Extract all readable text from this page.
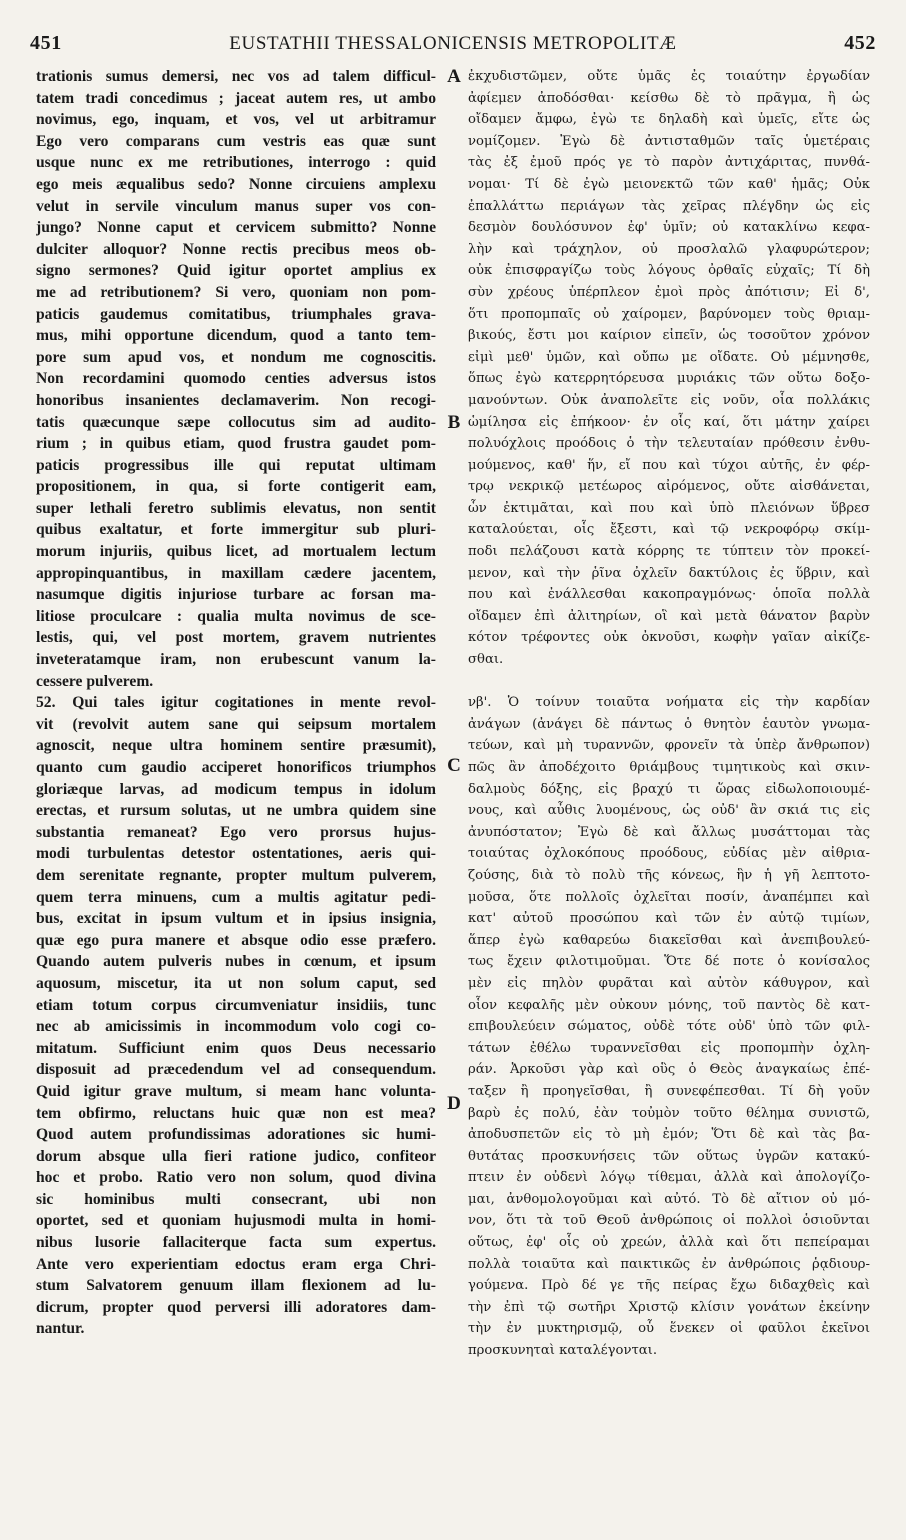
451	EUSTATHII THESSALONICENSIS METROPOLITÆ	452
trationis sumus demersi, nec vos ad talem difficul-
tatem tradi concedimus ; jaceat autem res, ut ambo
novimus, ego, inquam, et vos, vel ut arbitramur
Ego vero comparans cum vestris eas quæ sunt
usque nunc ex me retributiones, interrogo : quid
ego meis æqualibus sedo? Nonne circuiens amplexu
velut in servile vinculum manus super vos con-
jungo? Nonne caput et cervicem submitto? Nonne
dulciter alloquor? Nonne rectis precibus meos ob-
signo sermones? Quid igitur oportet amplius ex
me ad retributionem? Si vero, quoniam non pom-
paticis gaudemus comitatibus, triumphales grava-
mus, mihi opportune dicendum, quod a tanto tem-
pore sum apud vos, et nondum me cognoscitis.
Non recordamini quomodo centies adversus istos
honoribus insanientes declamaverim. Non recogi-
tatis quæcunque sæpe collocutus sim ad audito-
rium ; in quibus etiam, quod frustra gaudet pom-
paticis progressibus ille qui reputat ultimam
propositionem, in qua, si forte contigerit eam,
super lethali feretro sublimis elevatus, non sentit
quibus exaltatur, et forte immergitur sub pluri-
morum injuriis, quibus licet, ad mortualem lectum
appropinquantibus, in maxillam cædere jacentem,
nasumque digitis injuriose turbare ac forsan ma-
litiose proculcare : qualia multa novimus de sce-
lestis, qui, vel post mortem, gravem nutrientes
inveteratamque iram, non erubescunt vanum la-
cessere pulverem.
52. Qui tales igitur cogitationes in mente revol-
vit (revolvit autem sane qui seipsum mortalem
agnoscit, neque ultra hominem sentire præsumit),
quanto cum gaudio acciperet honorificos triumphos
gloriæque larvas, ad modicum tempus in idolum
erectas, et rursum solutas, ut ne umbra quidem sine
substantia remaneat? Ego vero prorsus hujus-
modi turbulentas detestor ostentationes, aeris qui-
dem serenitate regnante, propter multum pulverem,
quem terra minuens, cum a multis agitatur pedi-
bus, excitat in ipsum vultum et in ipsius insignia,
quæ ego pura manere et absque odio esse præfero.
Quando autem pulveris nubes in cœnum, et ipsum
aquosum, miscetur, ita ut non solum caput, sed
etiam totum corpus circumveniatur insidiis, tunc
nec ab amicissimis in incommodum volo cogi co-
mitatum. Sufficiunt enim quos Deus necessario
disposuit ad præcedendum vel ad consequendum.
Quid igitur grave multum, si meam hanc volunta-
tem obfirmo, reluctans huic quæ non est mea?
Quod autem profundissimas adorationes sic humi-
dorum absque ulla fieri ratione judico, confiteor
hoc et probo. Ratio vero non solum, quod divina
sic hominibus multi consecrant, ubi non
oportet, sed et quoniam hujusmodi multa in homi-
nibus lusorie fallaciterque facta sum expertus.
Ante vero experientiam edoctus eram erga Chri-
stum Salvatorem genuum illam flexionem ad lu-
dicrum, propter quod perversi illi adoratores dam-
nantur.
A
B
C
D
ἐκχυδιστῶμεν, οὔτε ὑμᾶς ἐς τοιαύτην ἐργωδίαν
ἀφίεμεν ἀποδόσθαι· κείσθω δὲ τὸ πρᾶγμα, ἢ ὡς
οἴδαμεν ἄμφω, ἐγὼ τε δηλαδὴ καὶ ὑμεῖς, εἴτε ὡς
νομίζομεν. Ἐγὼ δὲ ἀντισταθμῶν ταῖς ὑμετέραις
τὰς ἐξ ἐμοῦ πρός γε τὸ παρὸν ἀντιχάριτας, πυνθά-
νομαι· Τί δὲ ἐγὼ μειονεκτῶ τῶν καθ' ἡμᾶς; Οὐκ
ἐπαλλάττω περιάγων τὰς χεῖρας πλέγδην ὡς εἰς
δεσμὸν δουλόσυνον ἐφ' ὑμῖν; οὐ κατακλίνω κεφα-
λὴν καὶ τράχηλον, οὐ προσλαλῶ γλαφυρώτερον;
οὐκ ἐπισφραγίζω τοὺς λόγους ὀρθαῖς εὐχαῖς; Τί δὴ
σὺν χρέους ὑπέρπλεον ἐμοὶ πρὸς ἀπότισιν; Εἰ δ',
ὅτι προπομπαῖς οὐ χαίρομεν, βαρύνομεν τοὺς θριαμ-
βικούς, ἔστι μοι καίριον εἰπεῖν, ὡς τοσοῦτον χρόνον
εἰμὶ μεθ' ὑμῶν, καὶ οὔπω με οἴδατε. Οὐ μέμνησθε,
ὅπως ἐγὼ κατερρητόρευσα μυριάκις τῶν οὕτω δοξο-
μανούντων. Οὐκ ἀναπολεῖτε εἰς νοῦν, οἷα πολλάκις
ὡμίλησα εἰς ἐπήκοον· ἐν οἷς καί, ὅτι μάτην χαίρει
πολυόχλοις προόδοις ὁ τὴν τελευταίαν πρόθεσιν ἐνθυ-
μούμενος, καθ' ἥν, εἴ που καὶ τύχοι αὐτῆς, ἐν φέρ-
τρῳ νεκρικῷ μετέωρος αἰρόμενος, οὔτε αἰσθάνεται,
ὧν ἐκτιμᾶται, καὶ που καὶ ὑπὸ πλειόνων ὕβρεσ
καταλούεται, οἷς ἔξεστι, καὶ τῷ νεκροφόρῳ σκίμ-
ποδι πελάζουσι κατὰ κόρρης τε τύπτειν τὸν προκεί-
μενον, καὶ τὴν ῥῖνα ὀχλεῖν δακτύλοις ἐς ὕβριν, καὶ
που καὶ ἐνάλλεσθαι κακοπραγμόνως· ὁποῖα πολλὰ
οἴδαμεν ἐπὶ ἀλιτηρίων, οἳ καὶ μετὰ θάνατον βαρὺν
κότον τρέφοντες οὐκ ὀκνοῦσι, κωφὴν γαῖαν αἰκίζε-
σθαι.
νβ'. Ὁ τοίνυν τοιαῦτα νοήματα εἰς τὴν καρδίαν
ἀνάγων (ἀνάγει δὲ πάντως ὁ θνητὸν ἑαυτὸν γνωμα-
τεύων, καὶ μὴ τυραννῶν, φρονεῖν τὰ ὑπὲρ ἄνθρωπον)
πῶς ἂν ἀποδέχοιτο θριάμβους τιμητικοὺς καὶ σκιν-
δαλμοὺς δόξης, εἰς βραχύ τι ὥρας εἰδωλοποιουμέ-
νους, καὶ αὖθις λυομένους, ὡς οὐδ' ἂν σκιά τις εἰς
ἀνυπόστατον; Ἐγὼ δὲ καὶ ἄλλως μυσάττομαι τὰς
τοιαύτας ὀχλοκόπους προόδους, εὐδίας μὲν αἰθρια-
ζούσης, διὰ τὸ πολὺ τῆς κόνεως, ἣν ἡ γῆ λεπτοτο-
μοῦσα, ὅτε πολλοῖς ὀχλεῖται ποσίν, ἀναπέμπει καὶ
κατ' αὐτοῦ προσώπου καὶ τῶν ἐν αὐτῷ τιμίων,
ἅπερ ἐγὼ καθαρεύω διακεῖσθαι καὶ ἀνεπιβουλεύ-
τως ἔχειν φιλοτιμοῦμαι. Ὅτε δέ ποτε ὁ κονίσαλος
μὲν εἰς πηλὸν φυρᾶται καὶ αὐτὸν κάθυγρον, καὶ
οἷον κεφαλῆς μὲν οὐκουν μόνης, τοῦ παντὸς δὲ κατ-
επιβουλεύειν σώματος, οὐδὲ τότε οὐδ' ὑπὸ τῶν φιλ-
τάτων ἐθέλω τυραννεῖσθαι εἰς προπομπὴν ὀχλη-
ράν. Ἀρκοῦσι γὰρ καὶ οὓς ὁ Θεὸς ἀναγκαίως ἐπέ-
ταξεν ἢ προηγεῖσθαι, ἢ συνεφέπεσθαι. Τί δὴ γοῦν
βαρὺ ἐς πολύ, ἐὰν τοὐμὸν τοῦτο θέλημα συνιστῶ,
ἀποδυσπετῶν εἰς τὸ μὴ ἐμόν; Ὅτι δὲ καὶ τὰς βα-
θυτάτας προσκυνήσεις τῶν οὕτως ὑγρῶν κατακύ-
πτειν ἐν οὐδενὶ λόγῳ τίθεμαι, ἀλλὰ καὶ ἀπολογίζο-
μαι, ἀνθομολογοῦμαι καὶ αὐτό. Τὸ δὲ αἴτιον οὐ μό-
νον, ὅτι τὰ τοῦ Θεοῦ ἀνθρώποις οἱ πολλοὶ ὁσιοῦνται
οὕτως, ἐφ' οἷς οὐ χρεών, ἀλλὰ καὶ ὅτι πεπείραμαι
πολλὰ τοιαῦτα καὶ παικτικῶς ἐν ἀνθρώποις ῥᾳδιουρ-
γούμενα. Πρὸ δέ γε τῆς πείρας ἔχω διδαχθεὶς καὶ
τὴν ἐπὶ τῷ σωτῆρι Χριστῷ κλίσιν γονάτων ἐκείνην
τὴν ἐν μυκτηρισμῷ, οὗ ἕνεκεν οἱ φαῦλοι ἐκεῖνοι
προσκυνηταὶ καταλέγονται.
